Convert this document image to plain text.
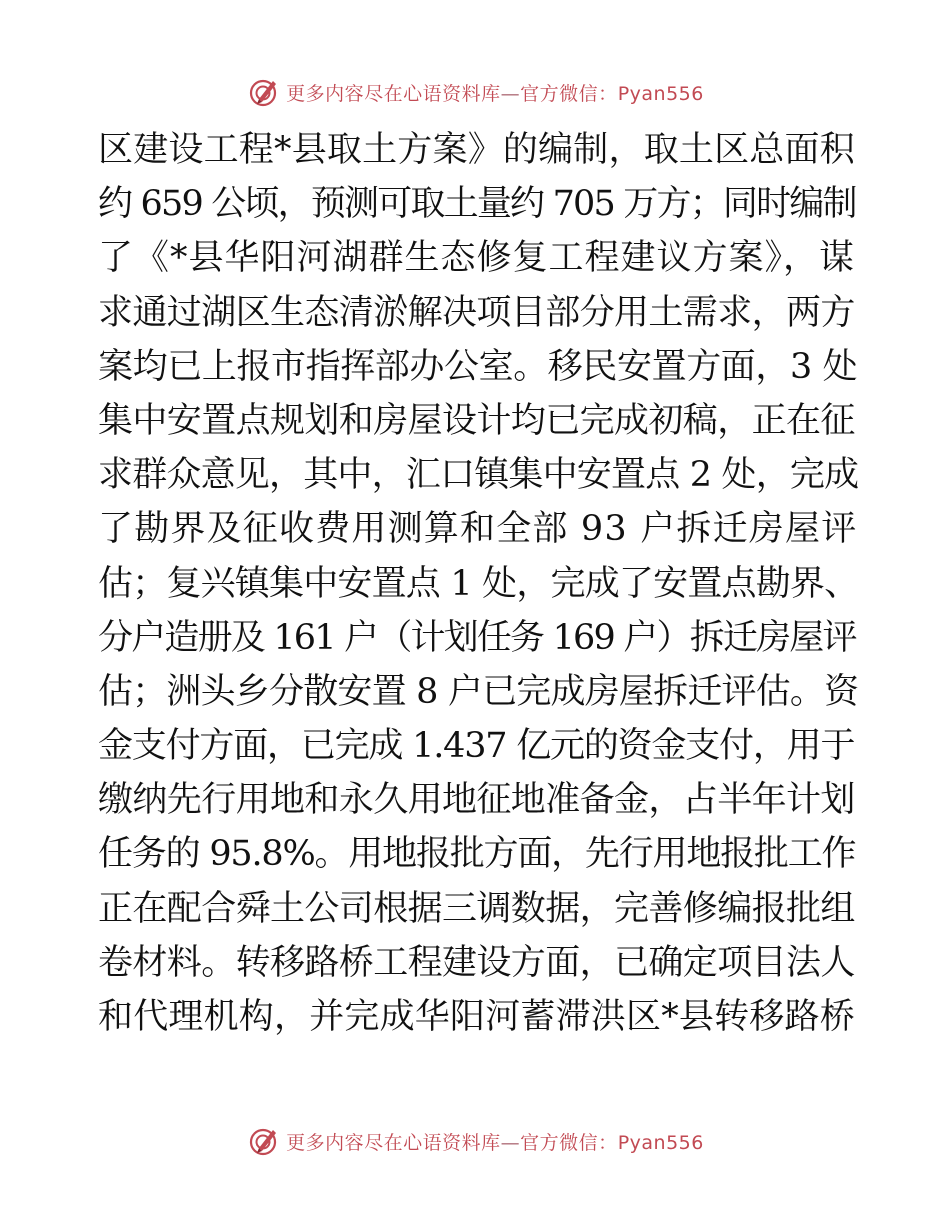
更多内容尽在心语资料库—官方微信：Pyan556
区建设工程*县取土方案》的编制，取土区总面积
约 659 公顷，预测可取土量约 705 万方；同时编制
了《*县华阳河湖群生态修复工程建议方案》，谋
求通过湖区生态清淤解决项目部分用土需求，两方
案均已上报市指挥部办公室。移民安置方面，3 处
集中安置点规划和房屋设计均已完成初稿，正在征
求群众意见，其中，汇口镇集中安置点 2 处，完成
了勘界及征收费用测算和全部 93 户拆迁房屋评
估；复兴镇集中安置点 1 处，完成了安置点勘界、
分户造册及 161 户（计划任务 169 户）拆迁房屋评
估；洲头乡分散安置 8 户已完成房屋拆迁评估。资
金支付方面，已完成 1.437 亿元的资金支付，用于
缴纳先行用地和永久用地征地准备金，占半年计划
任务的 95.8%。用地报批方面，先行用地报批工作
正在配合舜土公司根据三调数据，完善修编报批组
卷材料。转移路桥工程建设方面，已确定项目法人
和代理机构，并完成华阳河蓄滞洪区*县转移路桥
更多内容尽在心语资料库—官方微信：Pyan556
